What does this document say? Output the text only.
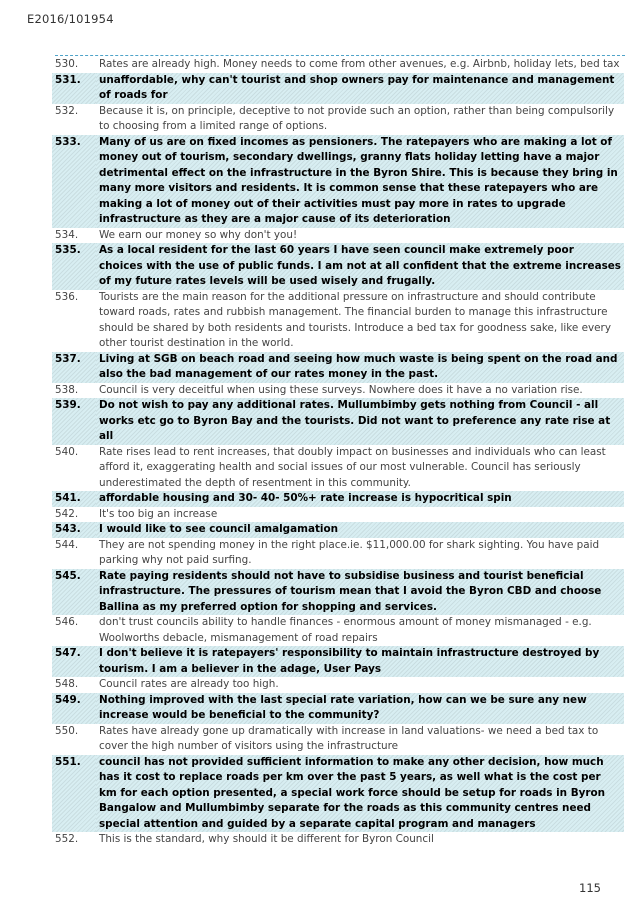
E2016/101954
530.	Rates are already high. Money needs to come from other avenues, e.g. Airbnb, holiday lets, bed tax
531.	unaffordable, why can't tourist and shop owners pay for maintenance and management of roads for
532.	Because it is, on principle, deceptive to not provide such an option, rather than being compulsorily to choosing from a limited range of options.
533.	Many of us are on fixed incomes as pensioners. The ratepayers who are making a lot of money out of tourism, secondary dwellings, granny flats holiday letting have a major detrimental effect on the infrastructure in the Byron Shire. This is because they bring in many more visitors and residents. It is common sense that these ratepayers who are making a lot of money out of their activities must pay more in rates to upgrade infrastructure as they are a major cause of its deterioration
534.	We earn our money so why don't you!
535.	As a local resident for the last 60 years I have seen council make extremely poor choices with the use of public funds. I am not at all confident that the extreme increases of my future rates levels will be used wisely and frugally.
536.	Tourists are the main reason for the additional pressure on infrastructure and should contribute toward roads, rates and rubbish management. The financial burden to manage this infrastructure should be shared by both residents and tourists. Introduce a bed tax for goodness sake, like every other tourist destination in the world.
537.	Living at SGB on beach road and seeing how much waste is being spent on the road and also the bad management of our rates money in the past.
538.	Council is very deceitful when using these surveys. Nowhere does it have a no variation rise.
539.	Do not wish to pay any additional rates. Mullumbimby gets nothing from Council - all works etc go to Byron Bay and the tourists. Did not want to preference any rate rise at all
540.	Rate rises lead to rent increases, that doubly impact on businesses and individuals who can least afford it, exaggerating health and social issues of our most vulnerable. Council has seriously underestimated the depth of resentment in this community.
541.	affordable housing and 30- 40- 50%+ rate increase is hypocritical spin
542.	It's too big an increase
543.	I would like to see council amalgamation
544.	They are not spending money in the right place.ie. $11,000.00 for shark sighting. You have paid parking why not paid surfing.
545.	Rate paying residents should not have to subsidise business and tourist beneficial infrastructure. The pressures of tourism mean that I avoid the Byron CBD and choose Ballina as my preferred option for shopping and services.
546.	don't trust councils ability to handle finances - enormous amount of money mismanaged - e.g. Woolworths debacle, mismanagement of road repairs
547.	I don't believe it is ratepayers' responsibility to maintain infrastructure destroyed by tourism. I am a believer in the adage, User Pays
548.	Council rates are already too high.
549.	Nothing improved with the last special rate variation, how can we be sure any new increase would be beneficial to the community?
550.	Rates have already gone up dramatically with increase in land valuations- we need a bed tax to cover the high number of visitors using the infrastructure
551.	council has not provided sufficient information to make any other decision, how much has it cost to replace roads per km over the past 5 years, as well what is the cost per km for each option presented, a special work force should be setup for roads in Byron Bangalow and Mullumbimby separate for the roads as this community centres need special attention and guided by a separate capital program and managers
552.	This is the standard, why should it be different for Byron Council
115
